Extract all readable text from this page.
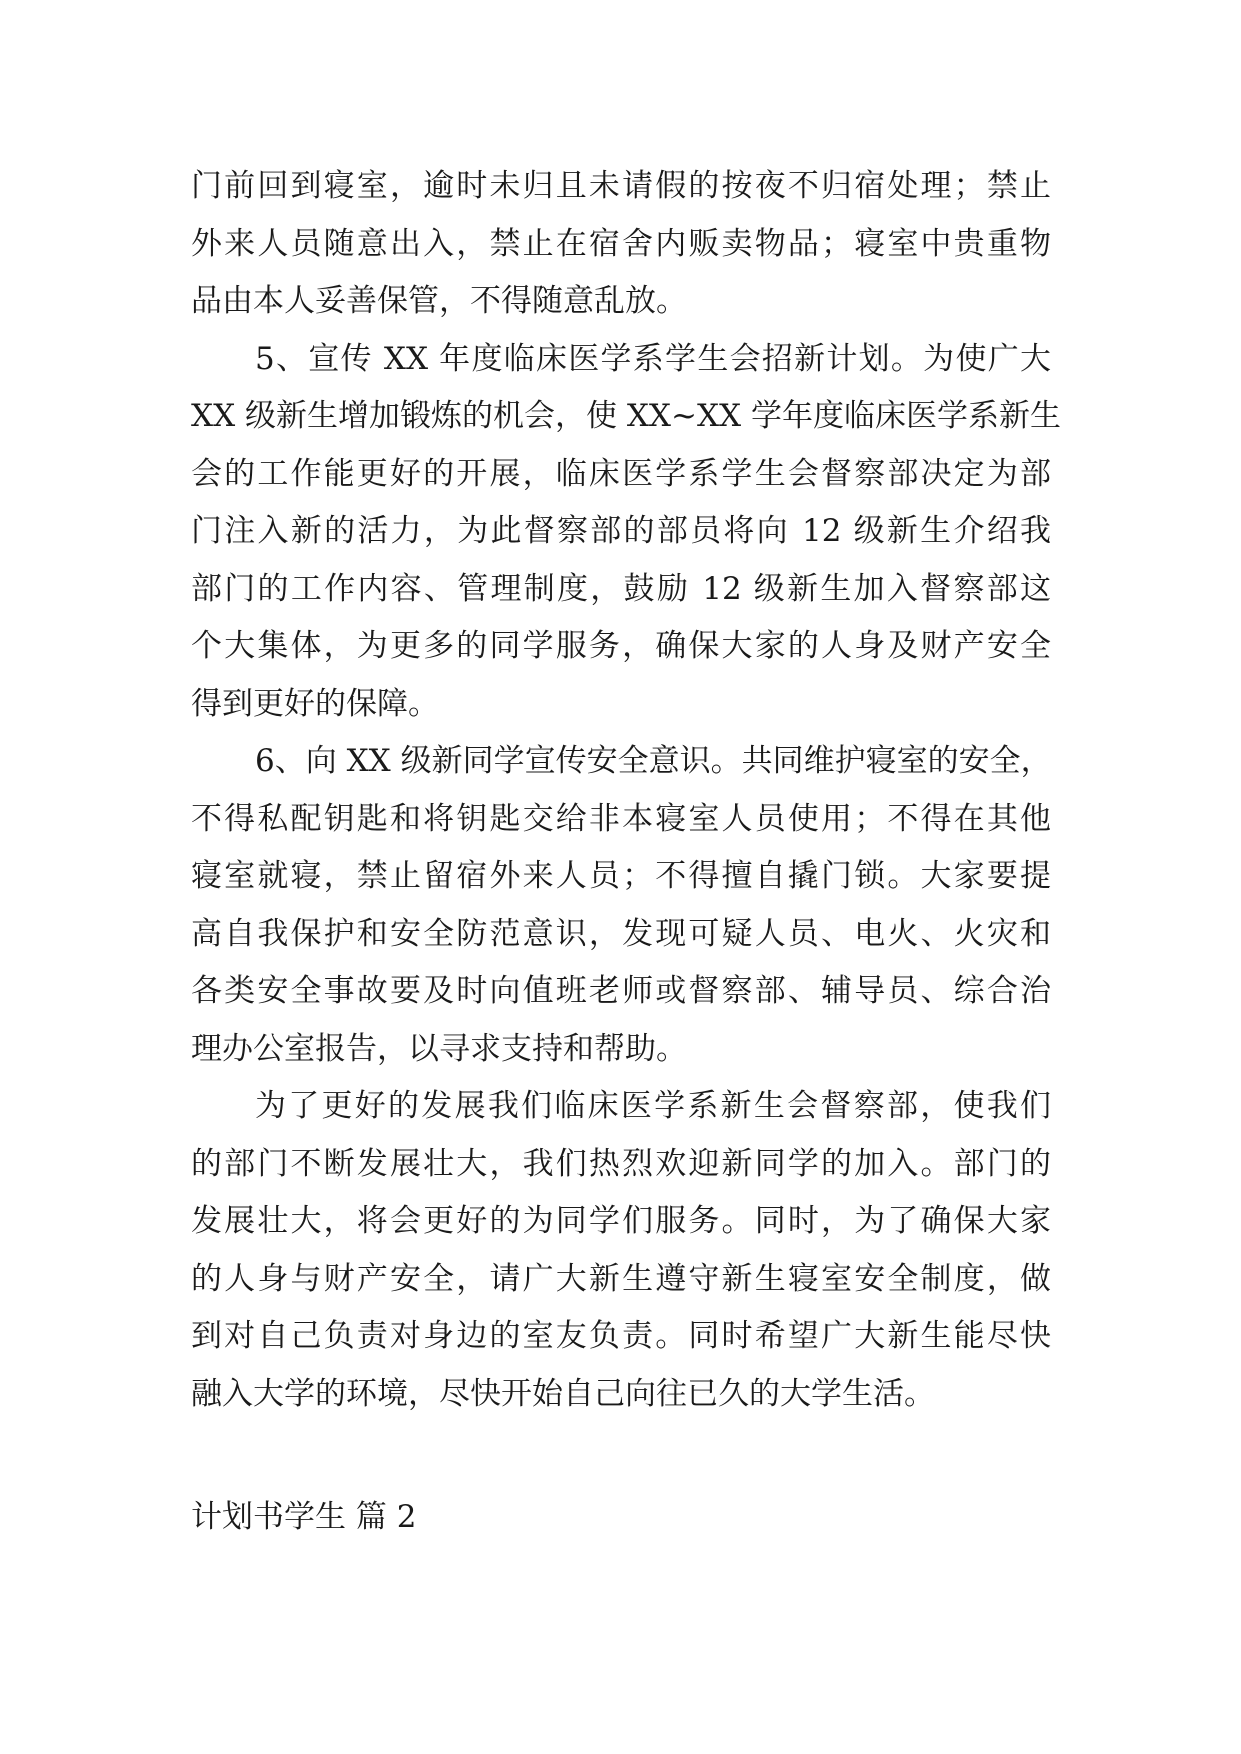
门前回到寝室，逾时未归且未请假的按夜不归宿处理；禁止
外来人员随意出入，禁止在宿舍内贩卖物品；寝室中贵重物
品由本人妥善保管，不得随意乱放。
5、宣传 XX 年度临床医学系学生会招新计划。为使广大
XX 级新生增加锻炼的机会，使 XX~XX 学年度临床医学系新生
会的工作能更好的开展，临床医学系学生会督察部决定为部
门注入新的活力，为此督察部的部员将向 12 级新生介绍我
部门的工作内容、管理制度，鼓励 12 级新生加入督察部这
个大集体，为更多的同学服务，确保大家的人身及财产安全
得到更好的保障。
6、向 XX 级新同学宣传安全意识。共同维护寝室的安全，
不得私配钥匙和将钥匙交给非本寝室人员使用；不得在其他
寝室就寝，禁止留宿外来人员；不得擅自撬门锁。大家要提
高自我保护和安全防范意识，发现可疑人员、电火、火灾和
各类安全事故要及时向值班老师或督察部、辅导员、综合治
理办公室报告，以寻求支持和帮助。
为了更好的发展我们临床医学系新生会督察部，使我们
的部门不断发展壮大，我们热烈欢迎新同学的加入。部门的
发展壮大，将会更好的为同学们服务。同时，为了确保大家
的人身与财产安全，请广大新生遵守新生寝室安全制度，做
到对自己负责对身边的室友负责。同时希望广大新生能尽快
融入大学的环境，尽快开始自己向往已久的大学生活。
计划书学生 篇 2
